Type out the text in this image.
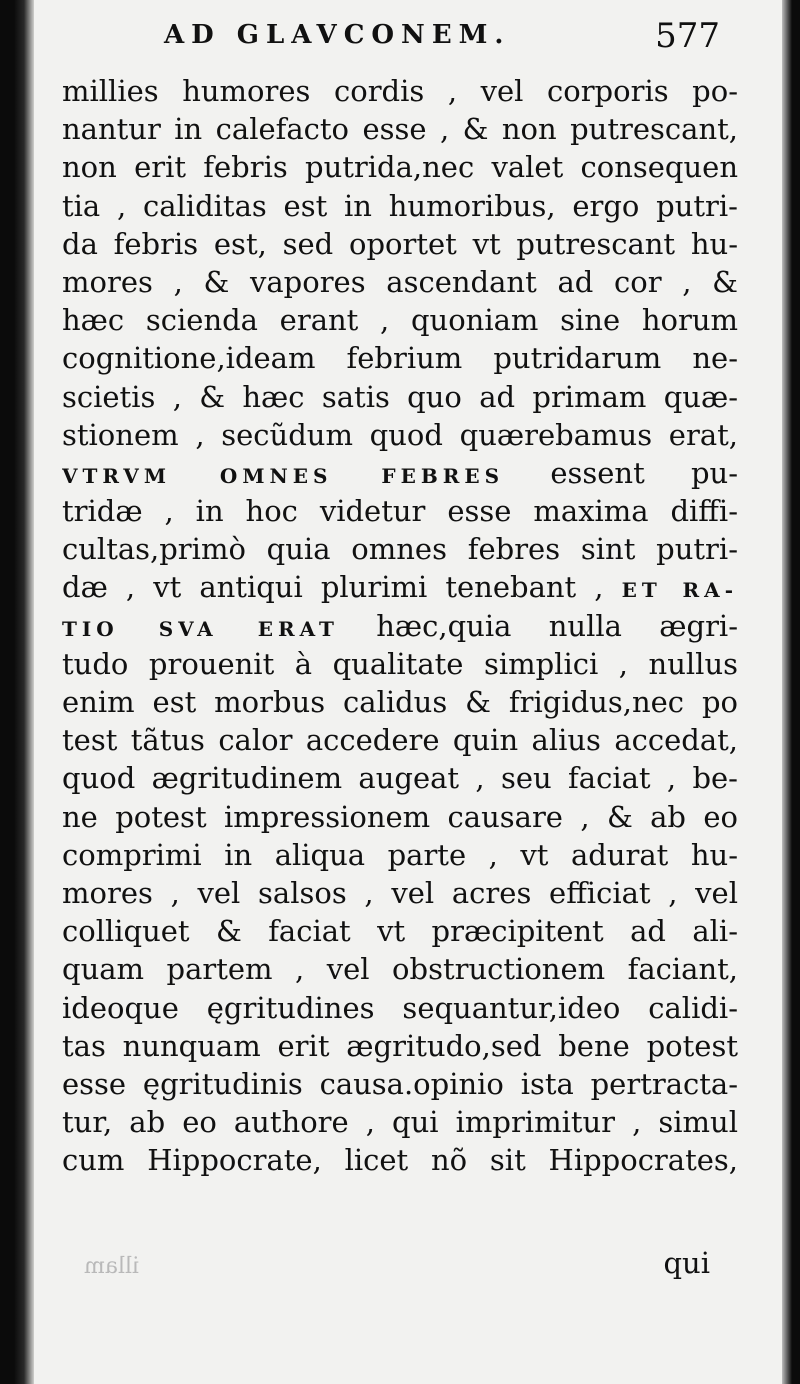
AD GLAVCONEM.	577
millies humores cordis , vel corporis po-
nantur in calefacto esse , & non putrescant,
non erit febris putrida,nec valet consequen
tia , caliditas est in humoribus, ergo putri-
da febris est, sed oportet vt putrescant hu-
mores , & vapores ascendant ad cor , &
hæc scienda erant , quoniam sine horum
cognitione,ideam febrium putridarum ne-
scietis , & hæc satis quo ad primam quæ-
stionem , secũdum quod quærebamus erat,
VTRVM OMNES FEBRES essent pu-
tridæ , in hoc videtur esse maxima diffi-
cultas,primò quia omnes febres sint putri-
dæ , vt antiqui plurimi tenebant , ET RA-
TIO SVA ERAT hæc,quia nulla ægri-
tudo prouenit à qualitate simplici , nullus
enim est morbus calidus & frigidus,nec po
test tãtus calor accedere quin alius accedat,
quod ægritudinem augeat , seu faciat , be-
ne potest impressionem causare , & ab eo
comprimi in aliqua parte , vt adurat hu-
mores , vel salsos , vel acres efficiat , vel
colliquet & faciat vt præcipitent ad ali-
quam partem , vel obstructionem faciant,
ideoque ęgritudines sequantur,ideo calidi-
tas nunquam erit ægritudo,sed bene potest
esse ęgritudinis causa.opinio ista pertracta-
tur, ab eo authore , qui imprimitur , simul
cum Hippocrate, licet nõ sit Hippocrates,
illam	qui
